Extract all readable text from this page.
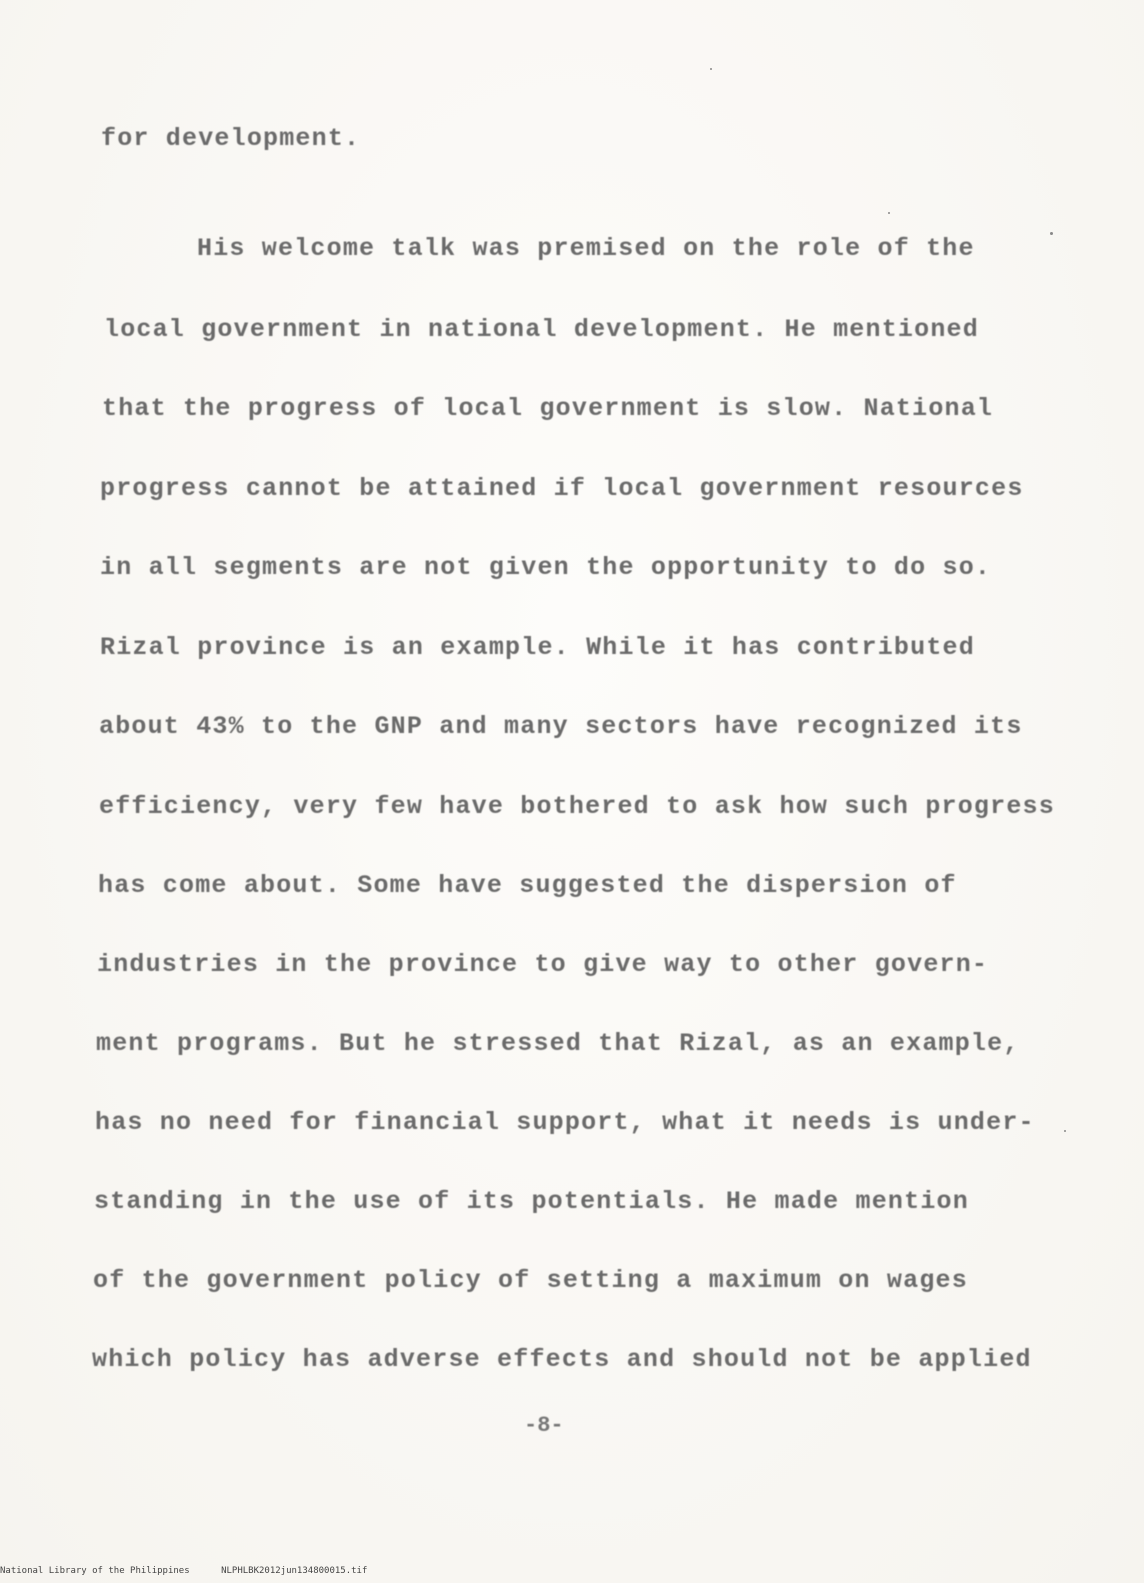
for development.
His welcome talk was premised on the role of the
local government in national development. He mentioned
that the progress of local government is slow. National
progress cannot be attained if local government resources
in all segments are not given the opportunity to do so.
Rizal province is an example. While it has contributed
about 43% to the GNP and many sectors have recognized its
efficiency, very few have bothered to ask how such progress
has come about. Some have suggested the dispersion of
industries in the province to give way to other govern-
ment programs. But he stressed that Rizal, as an example,
has no need for financial support, what it needs is under-
standing in the use of its potentials. He made mention
of the government policy of setting a maximum on wages
which policy has adverse effects and should not be applied
-8-
National Library of the Philippines	NLPHLBK2012jun134800015.tif
